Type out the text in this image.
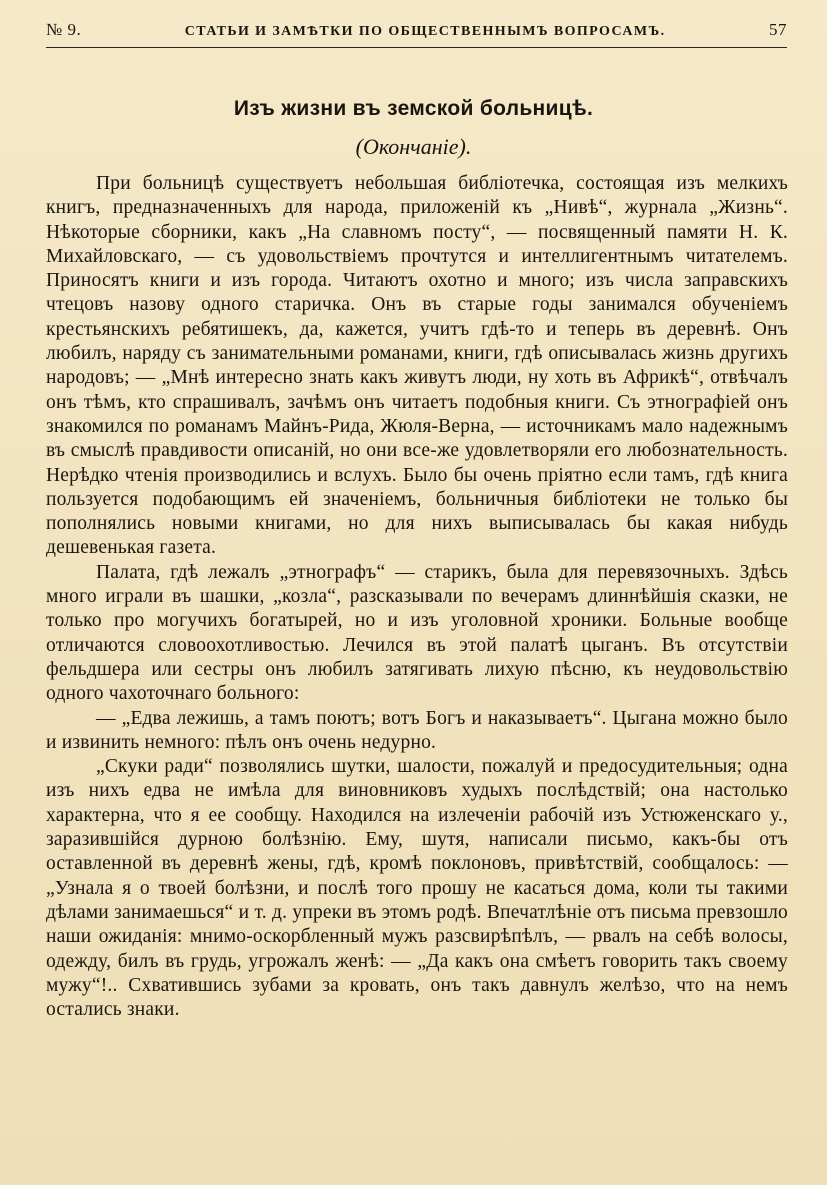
№ 9.	СТАТЬИ И ЗАМѢТКИ ПО ОБЩЕСТВЕННЫМЪ ВОПРОСАМЪ.	57
Изъ жизни въ земской больницѣ.
(Окончанiе).

При больницѣ существуетъ небольшая библiотечка, состоящая изъ мелкихъ книгъ, предназначенныхъ для народа, приложенiй къ „Нивѣ“, журнала „Жизнь“. Нѣкоторые сборники, какъ „На славномъ посту“, — посвященный памяти Н. К. Михайловскаго, — съ удовольствiемъ прочтутся и интеллигентнымъ читателемъ. Приносятъ книги и изъ города. Читаютъ охотно и много; изъ числа заправскихъ чтецовъ назову одного старичка. Онъ въ старые годы занимался обученiемъ крестьянскихъ ребятишекъ, да, кажется, учитъ гдѣ-то и теперь въ деревнѣ. Онъ любилъ, наряду съ занимательными романами, книги, гдѣ описывалась жизнь другихъ народовъ; — „Мнѣ интересно знать какъ живутъ люди, ну хоть въ Африкѣ“, отвѣчалъ онъ тѣмъ, кто спрашивалъ, зачѣмъ онъ читаетъ подобныя книги. Съ этнографiей онъ знакомился по романамъ Майнъ-Рида, Жюля-Верна, — источникамъ мало надежнымъ въ смыслѣ правдивости описанiй, но они все-же удовлетворяли его любознательность. Нерѣдко чтенiя производились и вслухъ. Было бы очень прiятно если тамъ, гдѣ книга пользуется подобающимъ ей значенiемъ, больничныя библiотеки не только бы пополнялись новыми книгами, но для нихъ выписывалась бы какая нибудь дешевенькая газета.

Палата, гдѣ лежалъ „этнографъ“ — старикъ, была для перевязочныхъ. Здѣсь много играли въ шашки, „козла“, разсказывали по вечерамъ длиннѣйшiя сказки, не только про могучихъ богатырей, но и изъ уголовной хроники. Больные вообще отличаются словоохотливостью. Лечился въ этой палатѣ цыганъ. Въ отсутствiи фельдшера или сестры онъ любилъ затягивать лихую пѣсню, къ неудовольствiю одного чахоточнаго больного:

— „Едва лежишь, а тамъ поютъ; вотъ Богъ и наказываетъ“. Цыгана можно было и извинить немного: пѣлъ онъ очень недурно.

„Скуки ради“ позволялись шутки, шалости, пожалуй и предосудительныя; одна изъ нихъ едва не имѣла для виновниковъ худыхъ послѣдствiй; она настолько характерна, что я ее сообщу. Находился на излеченiи рабочiй изъ Устюженскаго у., заразившiйся дурною болѣзнiю. Ему, шутя, написали письмо, какъ-бы отъ оставленной въ деревнѣ жены, гдѣ, кромѣ поклоновъ, привѣтствiй, сообщалось: — „Узнала я о твоей болѣзни, и послѣ того прошу не касаться дома, коли ты такими дѣлами занимаешься“ и т. д. упреки въ этомъ родѣ. Впечатлѣнiе отъ письма превзошло наши ожиданiя: мнимо-оскорбленный мужъ разсвирѣпѣлъ, — рвалъ на себѣ волосы, одежду, билъ въ грудь, угрожалъ женѣ: — „Да какъ она смѣетъ говорить такъ своему мужу“!.. Схватившись зубами за кровать, онъ такъ давнулъ желѣзо, что на немъ остались знаки.
